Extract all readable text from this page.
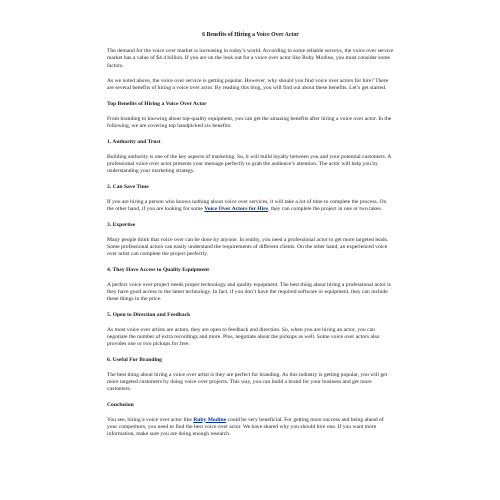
6 Benefits of Hiring a Voice Over Actor

The demand for the voice over market is increasing in today’s world. According to some reliable surveys, the voice over service market has a value of $4.4 billion. If you are on the look out for a voice over actor like Ruby Modine, you must consider some factors.

As we noted above, the voice over service is getting popular. However, why should you find voice over actors for hire? There are several benefits of hiring a voice over actor. By reading this blog, you will find out about these benefits. Let’s get started.

Top Benefits of Hiring a Voice Over Actor

From branding to knowing about top-quality equipment, you can get the amazing benefits after hiring a voice over actor. In the following, we are covering top handpicked six benefits:

1. Authority and Trust

Building authority is one of the key aspects of marketing. So, it will build loyalty between you and your potential customers. A professional voice over actor presents your message perfectly to grab the audience’s attention. The actor will help you by understanding your marketing strategy.

2. Can Save Time

If you are hiring a person who knows nothing about voice over services, it will take a lot of time to complete the process. On the other hand, if you are looking for some Voice Over Actors for Hire, they can complete the project in one or two takes.

3. Expertise

Many people think that voice over can be done by anyone. In reality, you need a professional actor to get more targeted leads. Some professional actors can easily understand the requirements of different clients. On the other hand, an experienced voice over artist can complete the project perfectly.

4. They Have Access to Quality Equipment

A perfect voice over project needs proper technology and quality equipment. The best thing about hiring a professional actor is they have good access to the latest technology. In fact, if you don’t have the required software or equipment, they can include these things in the price.

5. Open to Direction and Feedback

As most voice over artists are actors, they are open to feedback and direction. So, when you are hiring an actor, you can negotiate the number of extra recordings and more. Plus, negotiate about the pickups as well. Some voice over actors also provides one or two pickups for free.

6. Useful For Branding

The best thing about hiring a voice over artist is they are perfect for branding. As this industry is getting popular, you will get more targeted customers by doing voice over projects. This way, you can build a brand for your business and get more customers.

Conclusion

You see, hiring a voice over actor like Ruby Modine could be very beneficial. For getting more success and being ahead of your competitors, you need to find the best voice over actor. We have shared why you should hire one. If you want more information, make sure you are doing enough research.
